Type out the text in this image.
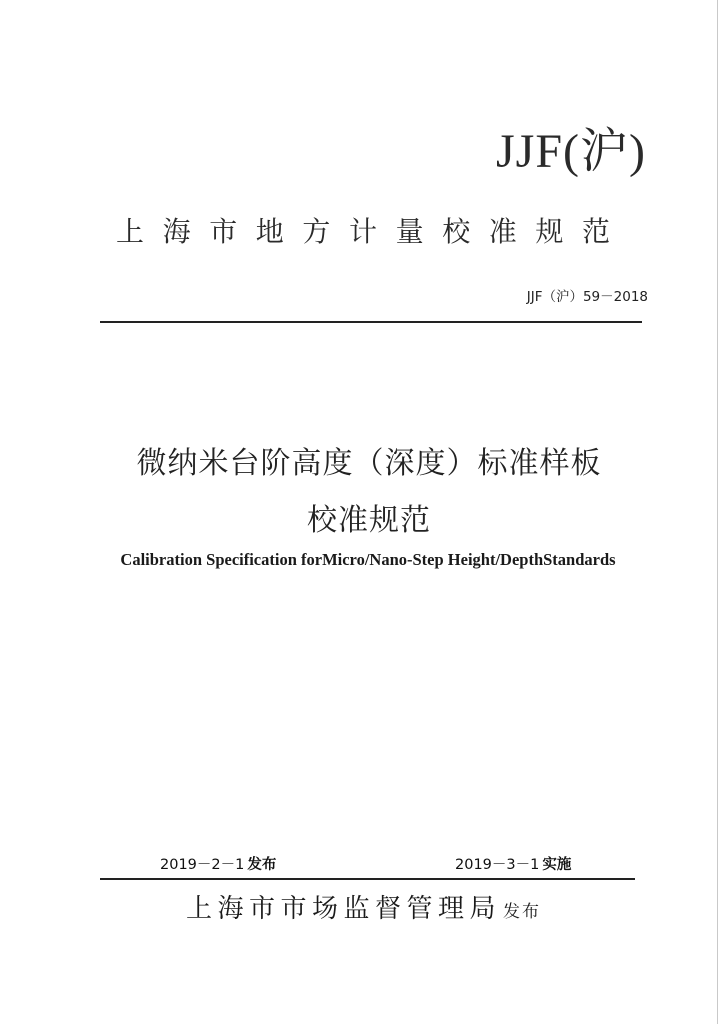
JJF(沪)
上海市地方计量校准规范
JJF（沪）59－2018
微纳米台阶高度（深度）标准样板
校准规范
Calibration Specification forMicro/Nano-Step Height/DepthStandards
2019－2－1 发布	2019－3－1 实施
上海市市场监督管理局 发布
